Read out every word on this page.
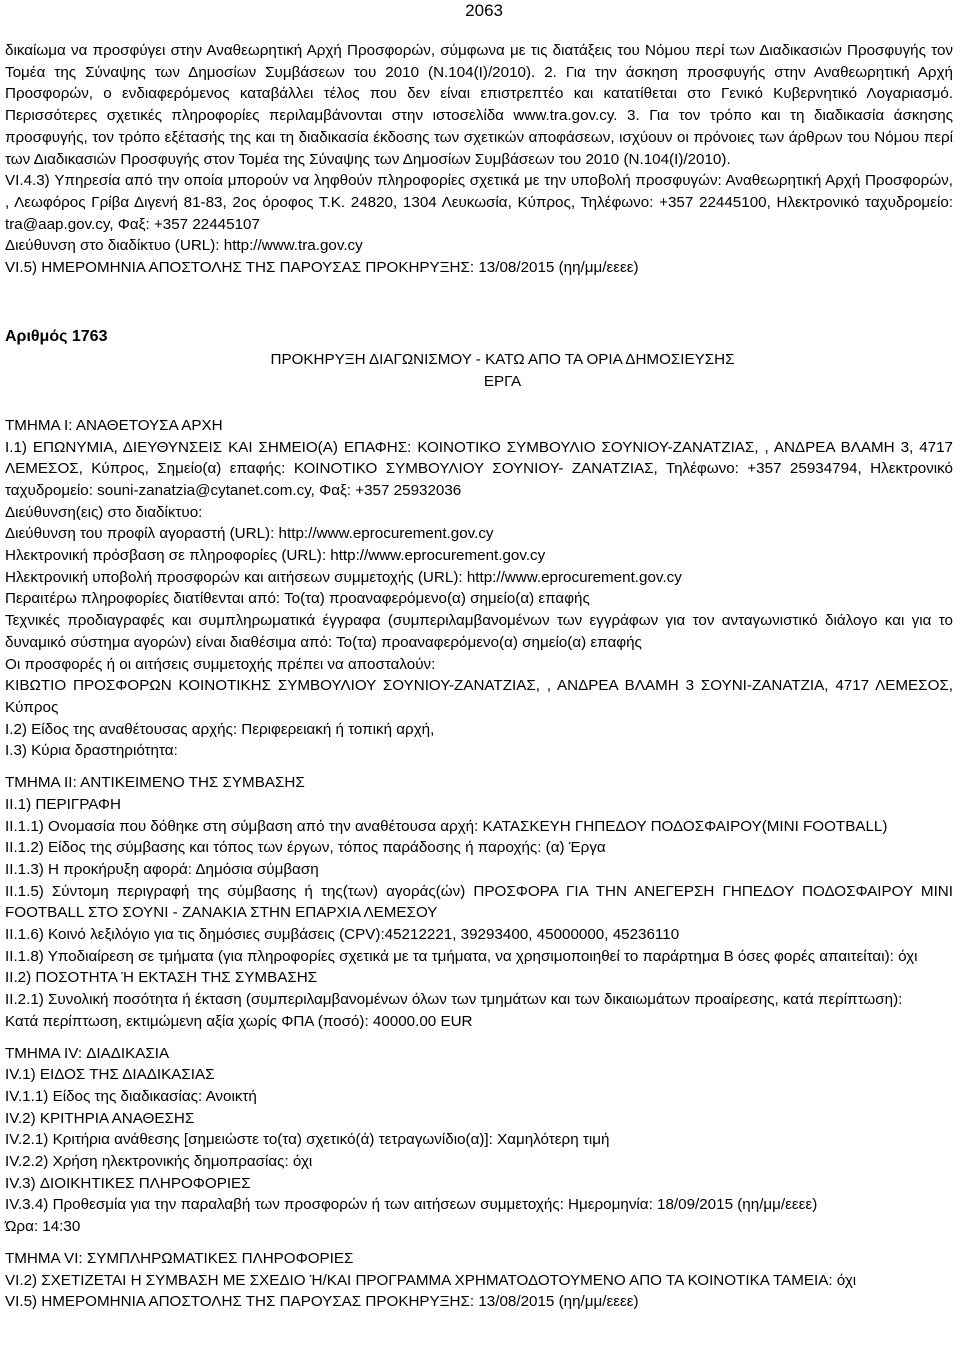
2063

δικαίωμα να προσφύγει στην Αναθεωρητική Αρχή Προσφορών, σύμφωνα με τις διατάξεις του Νόμου περί των Διαδικασιών Προσφυγής τον Τομέα της Σύναψης των Δημοσίων Συμβάσεων του 2010 (Ν.104(Ι)/2010). 2. Για την άσκηση προσφυγής στην Αναθεωρητική Αρχή Προσφορών, ο ενδιαφερόμενος καταβάλλει τέλος που δεν είναι επιστρεπτέο και κατατίθεται στο Γενικό Κυβερνητικό Λογαριασμό. Περισσότερες σχετικές πληροφορίες περιλαμβάνονται στην ιστοσελίδα www.tra.gov.cy. 3. Για τον τρόπο και τη διαδικασία άσκησης προσφυγής, τον τρόπο εξέτασής της και τη διαδικασία έκδοσης των σχετικών αποφάσεων, ισχύουν οι πρόνοιες των άρθρων του Νόμου περί των Διαδικασιών Προσφυγής στον Τομέα της Σύναψης των Δημοσίων Συμβάσεων του 2010 (Ν.104(Ι)/2010).

VI.4.3) Υπηρεσία από την οποία μπορούν να ληφθούν πληροφορίες σχετικά με την υποβολή προσφυγών: Αναθεωρητική Αρχή Προσφορών, , Λεωφόρος Γρίβα Διγενή 81-83, 2ος όροφος Τ.Κ. 24820, 1304 Λευκωσία, Κύπρος, Τηλέφωνο: +357 22445100, Ηλεκτρονικό ταχυδρομείο: tra@aap.gov.cy, Φαξ: +357 22445107

Διεύθυνση στο διαδίκτυο (URL): http://www.tra.gov.cy

VI.5) ΗΜΕΡΟΜΗΝΙΑ ΑΠΟΣΤΟΛΗΣ ΤΗΣ ΠΑΡΟΥΣΑΣ ΠΡΟΚΗΡΥΞΗΣ: 13/08/2015 (ηη/μμ/εεεε)

Αριθμός 1763

ΠΡΟΚΗΡΥΞΗ ΔΙΑΓΩΝΙΣΜΟΥ - ΚΑΤΩ ΑΠΟ ΤΑ ΟΡΙΑ ΔΗΜΟΣΙΕΥΣΗΣ
ΕΡΓΑ

ΤΜΗΜΑ Ι: ΑΝΑΘΕΤΟΥΣΑ ΑΡΧΗ

Ι.1) ΕΠΩΝΥΜΙΑ, ΔΙΕΥΘΥΝΣΕΙΣ ΚΑΙ ΣΗΜΕΙΟ(Α) ΕΠΑΦΗΣ: ΚΟΙΝΟΤΙΚΟ ΣΥΜΒΟΥΛΙΟ ΣΟΥΝΙΟΥ-ΖΑΝΑΤΖΙΑΣ, , ΑΝΔΡΕΑ ΒΛΑΜΗ 3, 4717 ΛΕΜΕΣΟΣ, Κύπρος, Σημείο(α) επαφής: ΚΟΙΝΟΤΙΚΟ ΣΥΜΒΟΥΛΙΟΥ ΣΟΥΝΙΟΥ- ΖΑΝΑΤΖΙΑΣ, Τηλέφωνο: +357 25934794, Ηλεκτρονικό ταχυδρομείο: souni-zanatzia@cytanet.com.cy, Φαξ: +357 25932036

Διεύθυνση(εις) στο διαδίκτυο:

Διεύθυνση του προφίλ αγοραστή (URL): http://www.eprocurement.gov.cy

Ηλεκτρονική πρόσβαση σε πληροφορίες (URL): http://www.eprocurement.gov.cy

Ηλεκτρονική υποβολή προσφορών και αιτήσεων συμμετοχής (URL): http://www.eprocurement.gov.cy

Περαιτέρω πληροφορίες διατίθενται από: Το(τα) προαναφερόμενο(α) σημείο(α) επαφής

Τεχνικές προδιαγραφές και συμπληρωματικά έγγραφα (συμπεριλαμβανομένων των εγγράφων για τον ανταγωνιστικό διάλογο και για το δυναμικό σύστημα αγορών) είναι διαθέσιμα από: Το(τα) προαναφερόμενο(α) σημείο(α) επαφής

Οι προσφορές ή οι αιτήσεις συμμετοχής πρέπει να αποσταλούν:

ΚΙΒΩΤΙΟ ΠΡΟΣΦΟΡΩΝ ΚΟΙΝΟΤΙΚΗΣ ΣΥΜΒΟΥΛΙΟΥ ΣΟΥΝΙΟΥ-ΖΑΝΑΤΖΙΑΣ, , ΑΝΔΡΕΑ ΒΛΑΜΗ 3 ΣΟΥΝΙ-ΖΑΝΑΤΖΙΑ, 4717 ΛΕΜΕΣΟΣ, Κύπρος

Ι.2) Είδος της αναθέτουσας αρχής: Περιφερειακή ή τοπική αρχή,

Ι.3) Κύρια δραστηριότητα:

ΤΜΗΜΑ ΙΙ: ΑΝΤΙΚΕΙΜΕΝΟ ΤΗΣ ΣΥΜΒΑΣΗΣ

ΙΙ.1) ΠΕΡΙΓΡΑΦΗ

ΙΙ.1.1) Ονομασία που δόθηκε στη σύμβαση από την αναθέτουσα αρχή: ΚΑΤΑΣΚΕΥΗ ΓΗΠΕΔΟΥ ΠΟΔΟΣΦΑΙΡΟΥ(MINI FOOTBALL)

ΙΙ.1.2) Είδος της σύμβασης και τόπος των έργων, τόπος παράδοσης ή παροχής: (α) Έργα

ΙΙ.1.3) Η προκήρυξη αφορά: Δημόσια σύμβαση

ΙΙ.1.5) Σύντομη περιγραφή της σύμβασης ή της(των) αγοράς(ών) ΠΡΟΣΦΟΡΑ ΓΙΑ ΤΗΝ ΑΝΕΓΕΡΣΗ ΓΗΠΕΔΟΥ ΠΟΔΟΣΦΑΙΡΟΥ MINI FOOTBALL ΣΤΟ ΣΟΥΝΙ - ΖΑΝΑΚΙΑ ΣΤΗΝ ΕΠΑΡΧΙΑ ΛΕΜΕΣΟΥ

ΙΙ.1.6) Κοινό λεξιλόγιο για τις δημόσιες συμβάσεις (CPV):45212221, 39293400, 45000000, 45236110

ΙΙ.1.8) Υποδιαίρεση σε τμήματα (για πληροφορίες σχετικά με τα τμήματα, να χρησιμοποιηθεί το παράρτημα Β όσες φορές απαιτείται): όχι

ΙΙ.2) ΠΟΣΟΤΗΤΑ Ή ΕΚΤΑΣΗ ΤΗΣ ΣΥΜΒΑΣΗΣ

ΙΙ.2.1) Συνολική ποσότητα ή έκταση (συμπεριλαμβανομένων όλων των τμημάτων και των δικαιωμάτων προαίρεσης, κατά περίπτωση):

Κατά περίπτωση, εκτιμώμενη αξία χωρίς ΦΠΑ (ποσό): 40000.00 EUR

ΤΜΗΜΑ IV: ΔΙΑΔΙΚΑΣΙΑ

IV.1) ΕΙΔΟΣ ΤΗΣ ΔΙΑΔΙΚΑΣΙΑΣ

IV.1.1) Είδος της διαδικασίας: Ανοικτή

IV.2) ΚΡΙΤΗΡΙΑ ΑΝΑΘΕΣΗΣ

IV.2.1) Κριτήρια ανάθεσης [σημειώστε το(τα) σχετικό(ά) τετραγωνίδιο(α)]: Χαμηλότερη τιμή

IV.2.2) Χρήση ηλεκτρονικής δημοπρασίας: όχι

IV.3) ΔΙΟΙΚΗΤΙΚΕΣ ΠΛΗΡΟΦΟΡΙΕΣ

IV.3.4) Προθεσμία για την παραλαβή των προσφορών ή των αιτήσεων συμμετοχής: Ημερομηνία: 18/09/2015 (ηη/μμ/εεεε)

Ώρα: 14:30

ΤΜΗΜΑ VI: ΣΥΜΠΛΗΡΩΜΑΤΙΚΕΣ ΠΛΗΡΟΦΟΡΙΕΣ

VI.2) ΣΧΕΤΙΖΕΤΑΙ Η ΣΥΜΒΑΣΗ ΜΕ ΣΧΕΔΙΟ Ή/ΚΑΙ ΠΡΟΓΡΑΜΜΑ ΧΡΗΜΑΤΟΔΟΤΟΥΜΕΝΟ ΑΠΟ ΤΑ ΚΟΙΝΟΤΙΚΑ ΤΑΜΕΙΑ: όχι

VI.5) ΗΜΕΡΟΜΗΝΙΑ ΑΠΟΣΤΟΛΗΣ ΤΗΣ ΠΑΡΟΥΣΑΣ ΠΡΟΚΗΡΥΞΗΣ: 13/08/2015 (ηη/μμ/εεεε)
